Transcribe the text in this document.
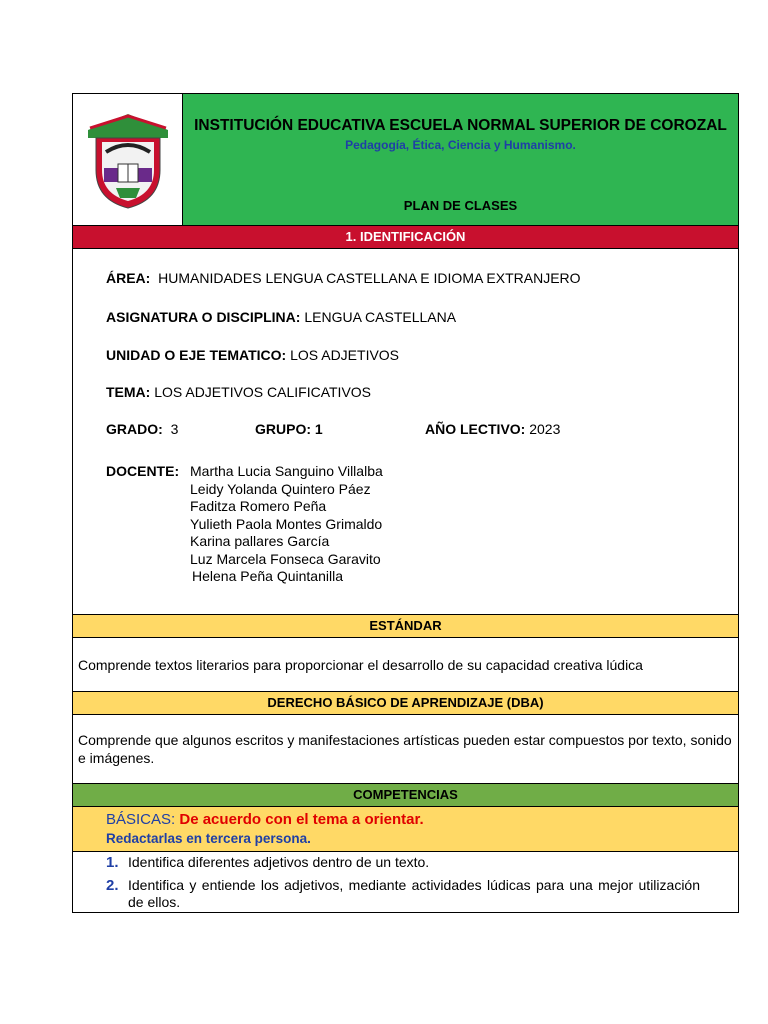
INSTITUCIÓN EDUCATIVA ESCUELA NORMAL SUPERIOR DE COROZAL
Pedagogía, Ética, Ciencia y Humanismo.
PLAN DE CLASES
1. IDENTIFICACIÓN
ÁREA: HUMANIDADES LENGUA CASTELLANA E IDIOMA EXTRANJERO
ASIGNATURA O DISCIPLINA: LENGUA CASTELLANA
UNIDAD O EJE TEMATICO: LOS ADJETIVOS
TEMA: LOS ADJETIVOS CALIFICATIVOS
GRADO: 3	GRUPO: 1	AÑO LECTIVO: 2023
DOCENTE: Martha Lucia Sanguino Villalba
Leidy Yolanda Quintero Páez
Faditza Romero Peña
Yulieth Paola Montes Grimaldo
Karina pallares García
Luz Marcela Fonseca Garavito
Helena Peña Quintanilla
ESTÁNDAR
Comprende textos literarios para proporcionar el desarrollo de su capacidad creativa lúdica
DERECHO BÁSICO DE APRENDIZAJE (DBA)
Comprende que algunos escritos y manifestaciones artísticas pueden estar compuestos por texto, sonido e imágenes.
COMPETENCIAS
BÁSICAS: De acuerdo con el tema a orientar.
Redactarlas en tercera persona.
1. Identifica diferentes adjetivos dentro de un texto.
2. Identifica y entiende los adjetivos, mediante actividades lúdicas para una mejor utilización de ellos.
